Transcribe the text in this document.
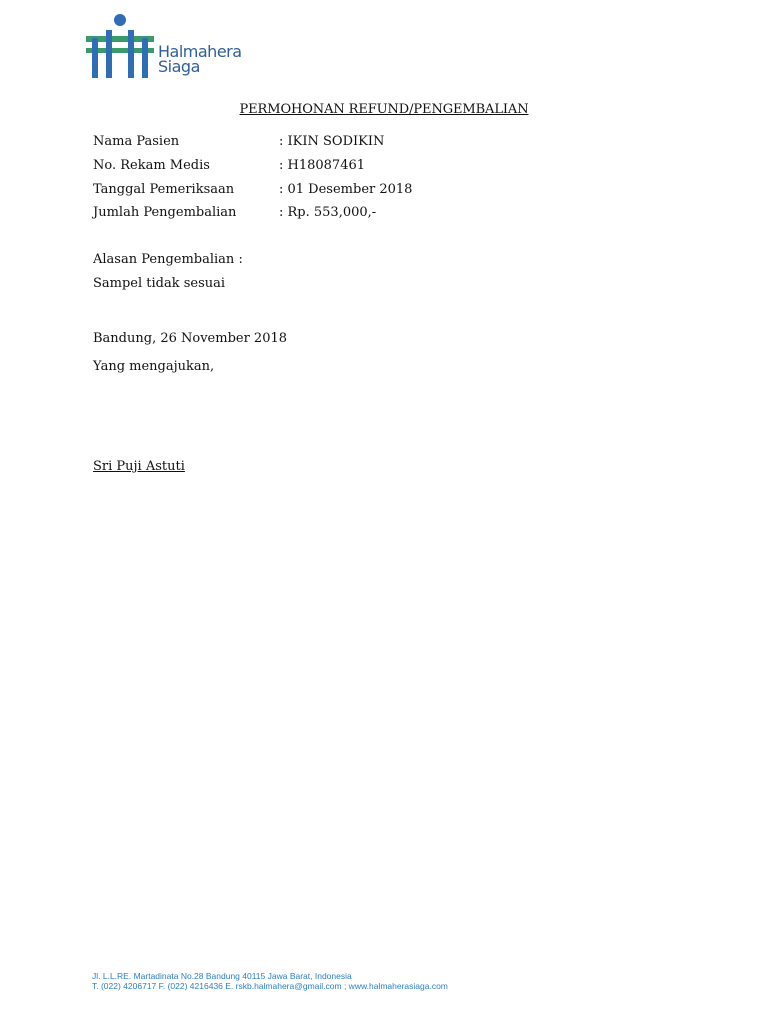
Halmahera
Siaga
PERMOHONAN REFUND/PENGEMBALIAN
Nama Pasien	: IKIN SODIKIN
No. Rekam Medis	: H18087461
Tanggal Pemeriksaan	: 01 Desember 2018
Jumlah Pengembalian	: Rp. 553,000,-
Alasan Pengembalian :
Sampel tidak sesuai
Bandung, 26 November 2018
Yang mengajukan,
Sri Puji Astuti
Jl. L.L.RE. Martadinata No.28 Bandung 40115 Jawa Barat, Indonesia
T. (022) 4206717 F. (022) 4216436 E. rskb.halmahera@gmail.com ; www.halmaherasiaga.com
